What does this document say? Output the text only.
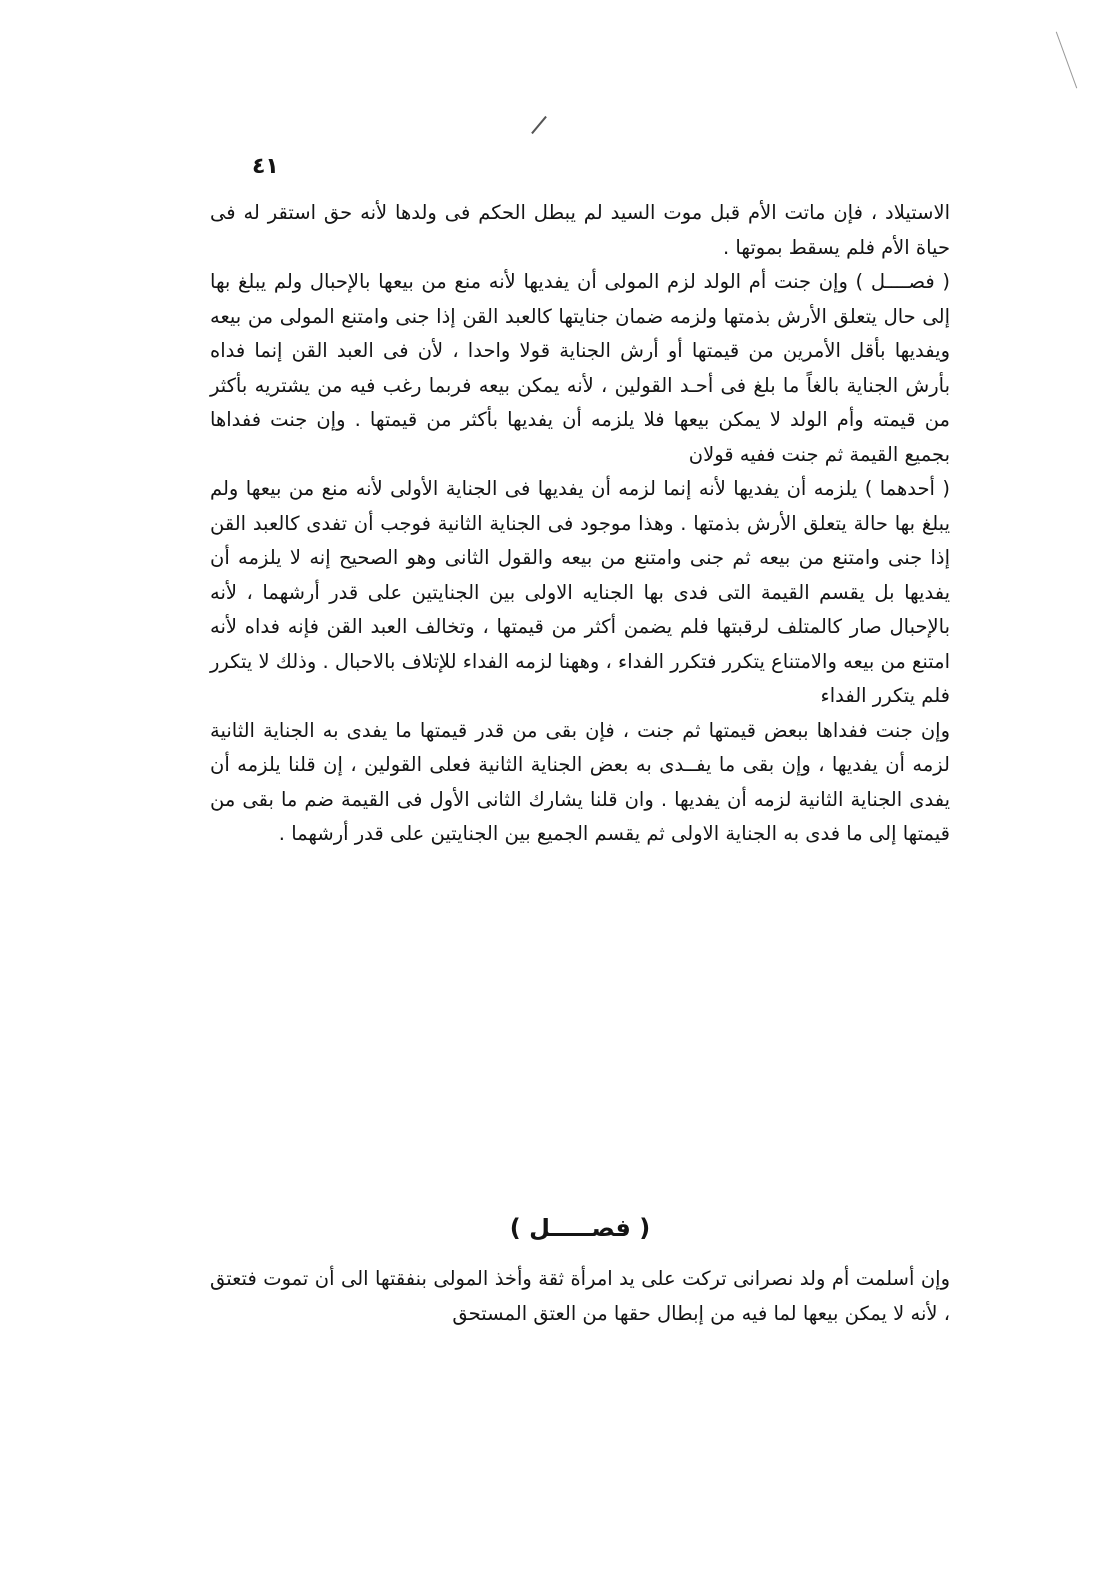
٤١

الاستيلاد ، فإن ماتت الأم قبل موت السيد لم يبطل الحكم فى ولدها لأنه حق استقر له فى حياة الأم فلم يسقط بموتها .

( فصــــل ) وإن جنت أم الولد لزم المولى أن يفديها لأنه منع من بيعها بالإحبال ولم يبلغ بها إلى حال يتعلق الأرش بذمتها ولزمه ضمان جنايتها كالعبد القن إذا جنى وامتنع المولى من بيعه ويفديها بأقل الأمرين من قيمتها أو أرش الجناية قولا واحدا ، لأن فى العبد القن إنما فداه بأرش الجناية بالغاً ما بلغ فى أحـد القولين ، لأنه يمكن بيعه فربما رغب فيه من يشتريه بأكثر من قيمته وأم الولد لا يمكن بيعها فلا يلزمه أن يفديها بأكثر من قيمتها . وإن جنت ففداها بجميع القيمة ثم جنت ففيه قولان

( أحدهما ) يلزمه أن يفديها لأنه إنما لزمه أن يفديها فى الجناية الأولى لأنه منع من بيعها ولم يبلغ بها حالة يتعلق الأرش بذمتها . وهذا موجود فى الجناية الثانية فوجب أن تفدى كالعبد القن إذا جنى وامتنع من بيعه ثم جنى وامتنع من بيعه والقول الثانى وهو الصحيح إنه لا يلزمه أن يفديها بل يقسم القيمة التى فدى بها الجنايه الاولى بين الجنايتين على قدر أرشهما ، لأنه بالإحبال صار كالمتلف لرقبتها فلم يضمن أكثر من قيمتها ، وتخالف العبد القن فإنه فداه لأنه امتنع من بيعه والامتناع يتكرر فتكرر الفداء ، وههنا لزمه الفداء للإتلاف بالاحبال . وذلك لا يتكرر فلم يتكرر الفداء

وإن جنت ففداها ببعض قيمتها ثم جنت ، فإن بقى من قدر قيمتها ما يفدى به الجناية الثانية لزمه أن يفديها ، وإن بقى ما يفــدى به بعض الجناية الثانية فعلى القولين ، إن قلنا يلزمه أن يفدى الجناية الثانية لزمه أن يفديها . وان قلنا يشارك الثانى الأول فى القيمة ضم ما بقى من قيمتها إلى ما فدى به الجناية الاولى ثم يقسم الجميع بين الجنايتين على قدر أرشهما .

( فصـــــل )

وإن أسلمت أم ولد نصرانى تركت على يد امرأة ثقة وأخذ المولى بنفقتها الى أن تموت فتعتق ، لأنه لا يمكن بيعها لما فيه من إبطال حقها من العتق المستحق
